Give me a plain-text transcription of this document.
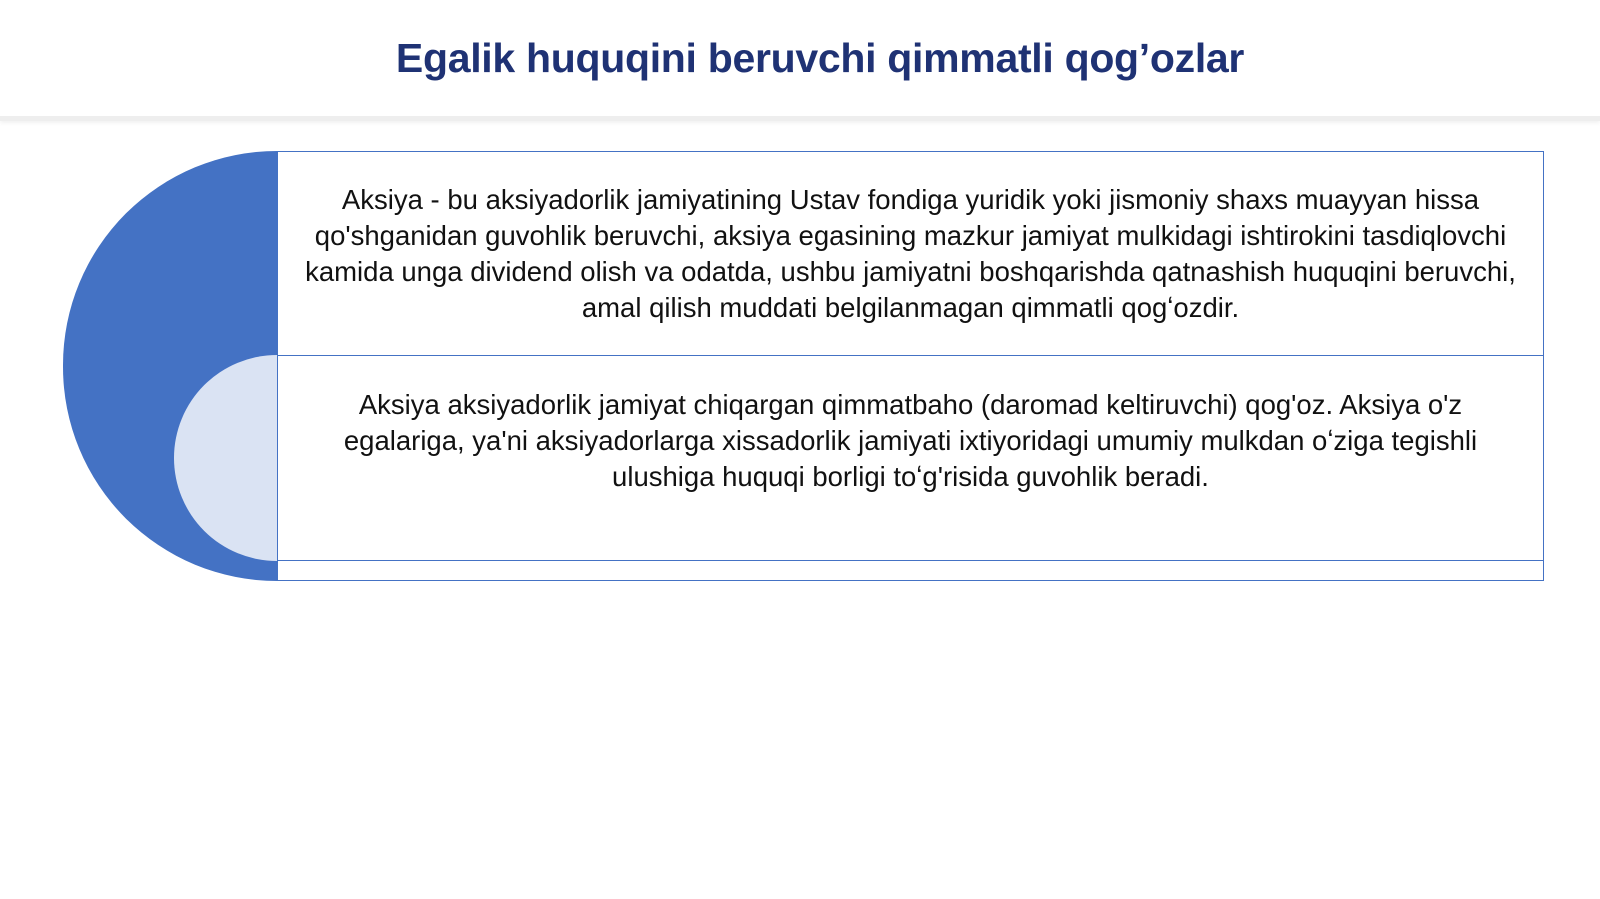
Egalik huquqini beruvchi qimmatli qog’ozlar

Aksiya - bu aksiyadorlik jamiyatining Ustav fondiga yuridik yoki jismoniy shaxs muayyan hissa qo'shganidan guvohlik beruvchi, aksiya egasining mazkur jamiyat mulkidagi ishtirokini tasdiqlovchi kamida unga dividend olish va odatda, ushbu jamiyatni boshqarishda qatnashish huquqini beruvchi, amal qilish muddati belgilanmagan qimmatli qogʻozdir.

Aksiya aksiyadorlik jamiyat chiqargan qimmatbaho (daromad keltiruvchi) qog'oz. Aksiya o'z egalariga, ya'ni aksiyadorlarga xissadorlik jamiyati ixtiyoridagi umumiy mulkdan oʻziga tegishli ulushiga huquqi borligi toʻg'risida guvohlik beradi.
